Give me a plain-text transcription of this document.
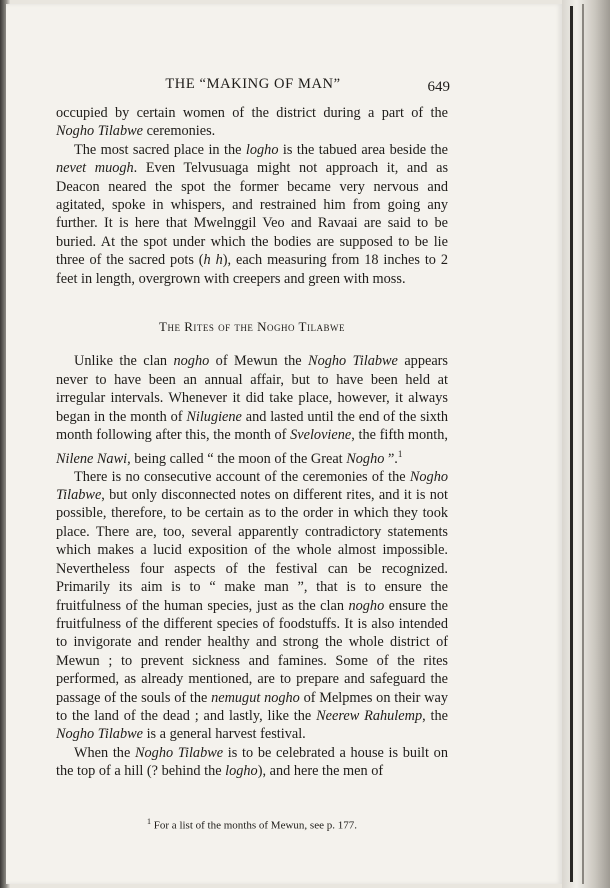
THE “MAKING OF MAN”	649

occupied by certain women of the district during a part of the Nogho Tilabwe ceremonies.

The most sacred place in the logho is the tabued area beside the nevet muogh. Even Telvusuaga might not approach it, and as Deacon neared the spot the former became very nervous and agitated, spoke in whispers, and restrained him from going any further. It is here that Mwelnggil Veo and Ravaai are said to be buried. At the spot under which the bodies are supposed to be lie three of the sacred pots (h h), each measuring from 18 inches to 2 feet in length, overgrown with creepers and green with moss.

The Rites of the Nogho Tilabwe

Unlike the clan nogho of Mewun the Nogho Tilabwe appears never to have been an annual affair, but to have been held at irregular intervals. Whenever it did take place, however, it always began in the month of Nilugiene and lasted until the end of the sixth month following after this, the month of Sveloviene, the fifth month, Nilene Nawi, being called “ the moon of the Great Nogho ”.$^1$

There is no consecutive account of the ceremonies of the Nogho Tilabwe, but only disconnected notes on different rites, and it is not possible, therefore, to be certain as to the order in which they took place. There are, too, several apparently contradictory statements which makes a lucid exposition of the whole almost impossible. Nevertheless four aspects of the festival can be recognized. Primarily its aim is to “ make man ”, that is to ensure the fruitfulness of the human species, just as the clan nogho ensure the fruitfulness of the different species of foodstuffs. It is also intended to invigorate and render healthy and strong the whole district of Mewun ; to prevent sickness and famines. Some of the rites performed, as already mentioned, are to prepare and safeguard the passage of the souls of the nemugut nogho of Melpmes on their way to the land of the dead ; and lastly, like the Neerew Rahulemp, the Nogho Tilabwe is a general harvest festival.

When the Nogho Tilabwe is to be celebrated a house is built on the top of a hill (? behind the logho), and here the men of

$^1$ For a list of the months of Mewun, see p. 177.
